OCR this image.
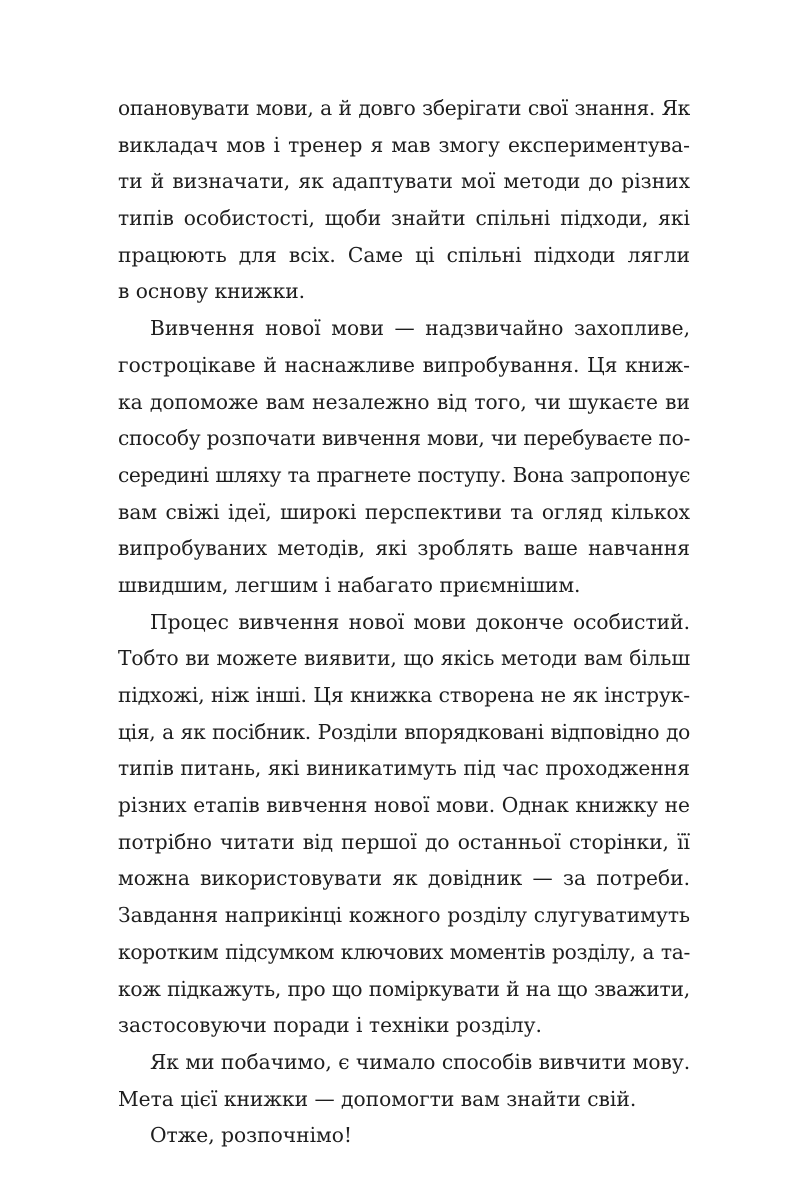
опановувати мови, а й довго зберігати свої знання. Як
викладач мов і тренер я мав змогу експериментува-
ти й визначати, як адаптувати мої методи до різних
типів особистості, щоби знайти спільні підходи, які
працюють для всіх. Саме ці спільні підходи лягли
в основу книжки.
Вивчення нової мови — надзвичайно захопливе,
гостроцікаве й наснажливе випробування. Ця книж-
ка допоможе вам незалежно від того, чи шукаєте ви
способу розпочати вивчення мови, чи перебуваєте по-
середині шляху та прагнете поступу. Вона запропонує
вам свіжі ідеї, широкі перспективи та огляд кількох
випробуваних методів, які зроблять ваше навчання
швидшим, легшим і набагато приємнішим.
Процес вивчення нової мови доконче особистий.
Тобто ви можете виявити, що якісь методи вам більш
підхожі, ніж інші. Ця книжка створена не як інструк-
ція, а як посібник. Розділи впорядковані відповідно до
типів питань, які виникатимуть під час проходження
різних етапів вивчення нової мови. Однак книжку не
потрібно читати від першої до останньої сторінки, її
можна використовувати як довідник — за потреби.
Завдання наприкінці кожного розділу слугуватимуть
коротким підсумком ключових моментів розділу, а та-
кож підкажуть, про що поміркувати й на що зважити,
застосовуючи поради і техніки розділу.
Як ми побачимо, є чимало способів вивчити мову.
Мета цієї книжки — допомогти вам знайти свій.
Отже, розпочнімо!
